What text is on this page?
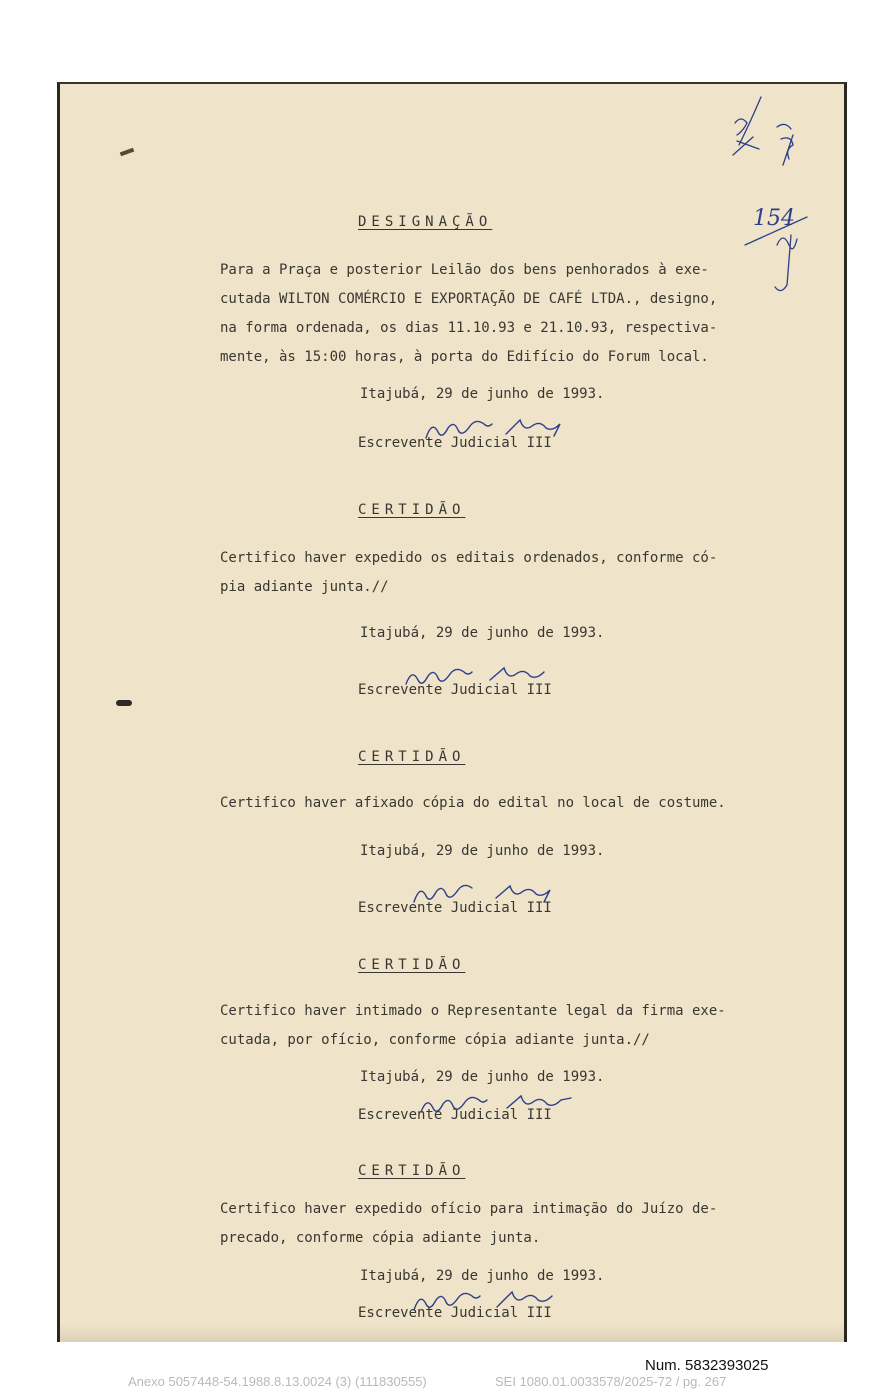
154
DESIGNAÇÃO
Para a Praça e posterior Leilão dos bens penhorados à exe-
cutada WILTON COMÉRCIO E EXPORTAÇÃO DE CAFÉ LTDA., designo,
na forma ordenada, os dias 11.10.93 e 21.10.93, respectiva-
mente, às 15:00 horas, à porta do Edifício do Forum local.
Itajubá, 29 de junho de 1993.
Escrevente Judicial III
CERTIDÃO
Certifico haver expedido os editais ordenados, conforme có-
pia adiante junta.//
Itajubá, 29 de junho de 1993.
Escrevente Judicial III
CERTIDÃO
Certifico haver afixado cópia do edital no local de costume.
Itajubá, 29 de junho de 1993.
Escrevente Judicial III
CERTIDÃO
Certifico haver intimado o Representante legal da firma exe-
cutada, por ofício, conforme cópia adiante junta.//
Itajubá, 29 de junho de 1993.
Escrevente Judicial III
CERTIDÃO
Certifico haver expedido ofício para intimação do Juízo de-
precado, conforme cópia adiante junta.
Itajubá, 29 de junho de 1993.
Escrevente Judicial III
Num. 5832393025
Anexo 5057448-54.1988.8.13.0024 (3) (111830555)	SEI 1080.01.0033578/2025-72 / pg. 267
